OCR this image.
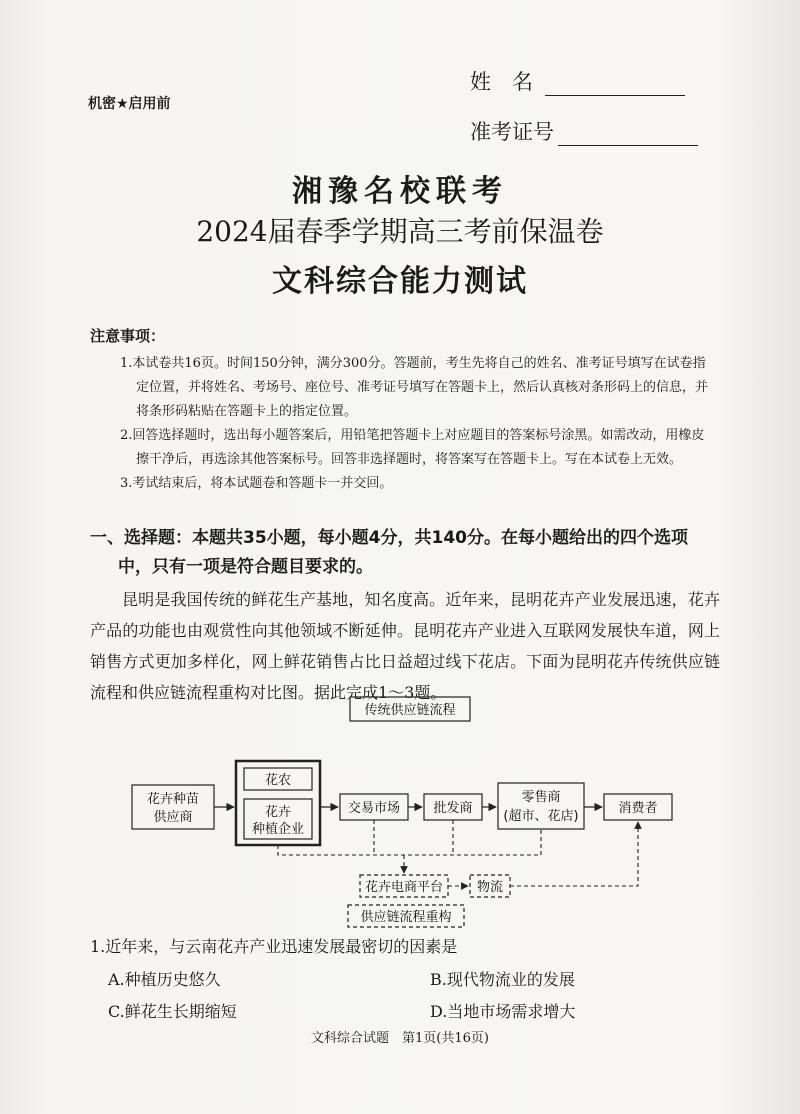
机密★启用前
姓　名
准考证号
湘豫名校联考
2024届春季学期高三考前保温卷
文科综合能力测试
注意事项：
1.本试卷共16页。时间150分钟，满分300分。答题前，考生先将自己的姓名、准考证号填写在试卷指定位置，并将姓名、考场号、座位号、准考证号填写在答题卡上，然后认真核对条形码上的信息，并将条形码粘贴在答题卡上的指定位置。
2.回答选择题时，选出每小题答案后，用铅笔把答题卡上对应题目的答案标号涂黑。如需改动，用橡皮擦干净后，再选涂其他答案标号。回答非选择题时，将答案写在答题卡上。写在本试卷上无效。
3.考试结束后，将本试题卷和答题卡一并交回。
一、选择题：本题共35小题，每小题4分，共140分。在每小题给出的四个选项
中，只有一项是符合题目要求的。
昆明是我国传统的鲜花生产基地，知名度高。近年来，昆明花卉产业发展迅速，花卉产品的功能也由观赏性向其他领域不断延伸。昆明花卉产业进入互联网发展快车道，网上销售方式更加多样化，网上鲜花销售占比日益超过线下花店。下面为昆明花卉传统供应链流程和供应链流程重构对比图。据此完成1～3题。
传统供应链流程
花卉种苗
供应商
花农
花卉
种植企业
交易市场	批发商
零售商
(超市、花店)
消费者
花卉电商平台	物流
供应链流程重构
1.近年来，与云南花卉产业迅速发展最密切的因素是
A.种植历史悠久	B.现代物流业的发展
C.鲜花生长期缩短	D.当地市场需求增大
文科综合试题　第1页(共16页)
